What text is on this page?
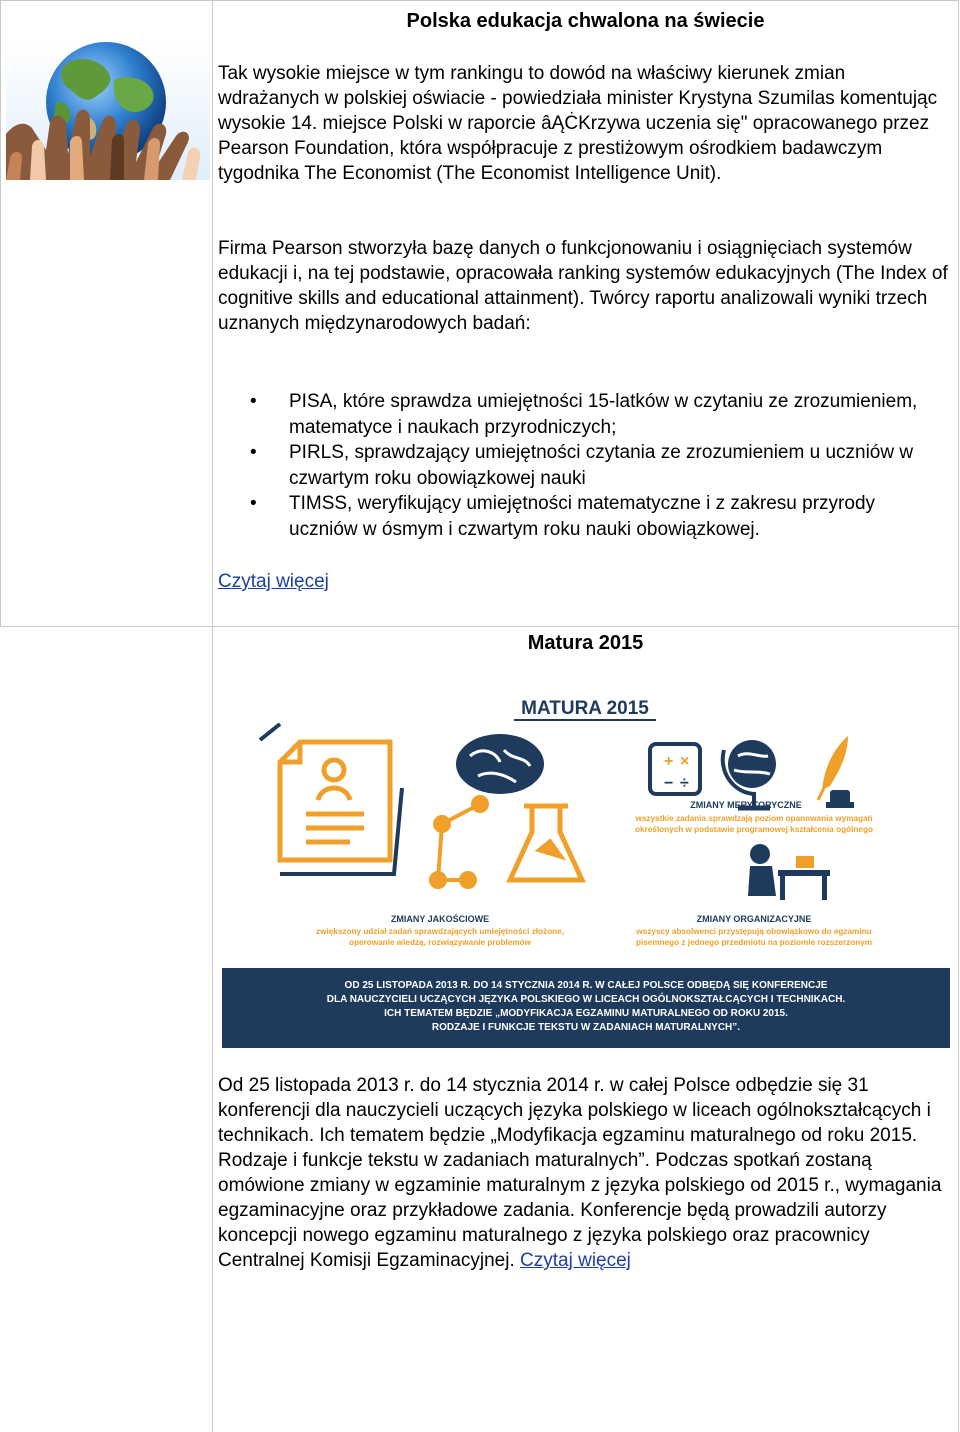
Polska edukacja chwalona na świecie

Tak wysokie miejsce w tym rankingu to dowód na właściwy kierunek zmian wdrażanych w polskiej oświacie - powiedziała minister Krystyna Szumilas komentując wysokie 14. miejsce Polski w raporcie âĄĊKrzywa uczenia się" opracowanego przez Pearson Foundation, która współpracuje z prestiżowym ośrodkiem badawczym tygodnika The Economist (The Economist Intelligence Unit).

Firma Pearson stworzyła bazę danych o funkcjonowaniu i osiągnięciach systemów edukacji i, na tej podstawie, opracowała ranking systemów edukacyjnych (The Index of cognitive skills and educational attainment). Twórcy raportu analizowali wyniki trzech uznanych międzynarodowych badań:

• PISA, które sprawdza umiejętności 15-latków w czytaniu ze zrozumieniem, matematyce i naukach przyrodniczych;
• PIRLS, sprawdzający umiejętności czytania ze zrozumieniem u uczniów w czwartym roku obowiązkowej nauki
• TIMSS, weryfikujący umiejętności matematyczne i z zakresu przyrody uczniów w ósmym i czwartym roku nauki obowiązkowej.
Czytaj więcej
Matura 2015
MATURA 2015
+ ×
− ÷
ZMIANY MERYTORYCZNE
wszystkie zadania sprawdzają poziom opanowania wymagań
określonych w podstawie programowej kształcenia ogólnego
ZMIANY JAKOŚCIOWE
zwiększony udział zadań sprawdzających umiejętności złożone,
operowanie wiedzą, rozwiązywanie problemów
ZMIANY ORGANIZACYJNE
wszyscy absolwenci przystępują obowiązkowo do egzaminu
pisemnego z jednego przedmiotu na poziomie rozszerzonym
OD 25 LISTOPADA 2013 R. DO 14 STYCZNIA 2014 R. W CAŁEJ POLSCE ODBĘDĄ SIĘ KONFERENCJE
DLA NAUCZYCIELI UCZĄCYCH JĘZYKA POLSKIEGO W LICEACH OGÓLNOKSZTAŁCĄCYCH I TECHNIKACH.
ICH TEMATEM BĘDZIE „MODYFIKACJA EGZAMINU MATURALNEGO OD ROKU 2015.
RODZAJE I FUNKCJE TEKSTU W ZADANIACH MATURALNYCH”.

Od 25 listopada 2013 r. do 14 stycznia 2014 r. w całej Polsce odbędzie się 31 konferencji dla nauczycieli uczących języka polskiego w liceach ogólnokształcących i technikach. Ich tematem będzie „Modyfikacja egzaminu maturalnego od roku 2015. Rodzaje i funkcje tekstu w zadaniach maturalnych”. Podczas spotkań zostaną omówione zmiany w egzaminie maturalnym z języka polskiego od 2015 r., wymagania egzaminacyjne oraz przykładowe zadania. Konferencje będą prowadzili autorzy koncepcji nowego egzaminu maturalnego z języka polskiego oraz pracownicy Centralnej Komisji Egzaminacyjnej. Czytaj więcej
